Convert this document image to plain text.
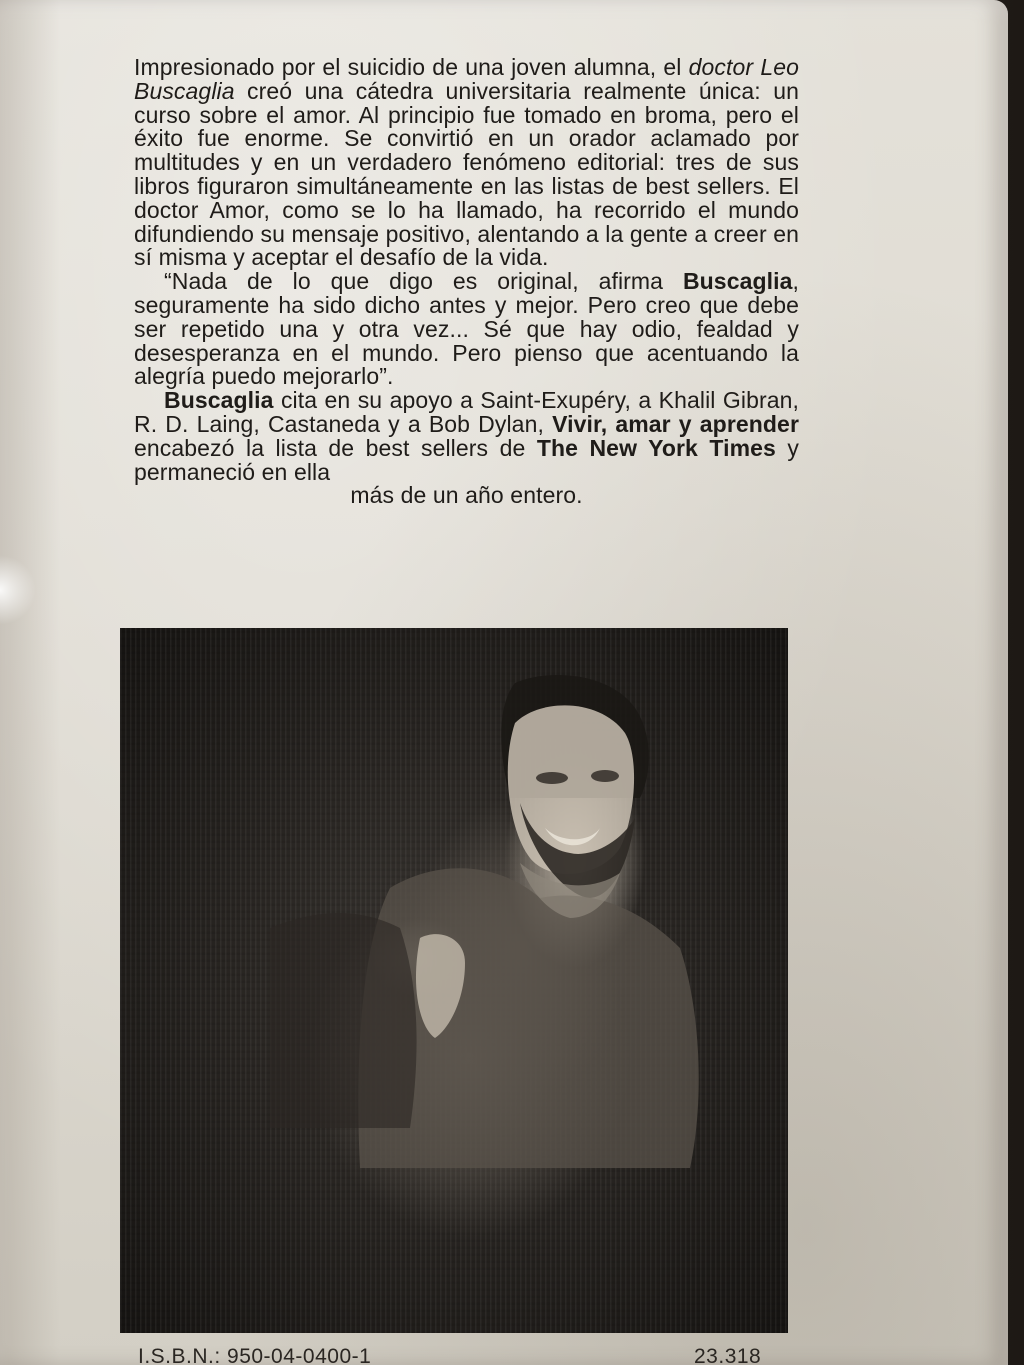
Impresionado por el suicidio de una joven alumna, el doctor Leo Buscaglia creó una cátedra universitaria realmente única: un curso sobre el amor. Al principio fue tomado en broma, pero el éxito fue enorme. Se convirtió en un orador aclamado por multitudes y en un verdadero fenómeno editorial: tres de sus libros figuraron simultáneamente en las listas de best sellers. El doctor Amor, como se lo ha llamado, ha recorrido el mundo difundiendo su mensaje positivo, alentando a la gente a creer en sí misma y aceptar el desafío de la vida.

“Nada de lo que digo es original, afirma Buscaglia, seguramente ha sido dicho antes y mejor. Pero creo que debe ser repetido una y otra vez... Sé que hay odio, fealdad y desesperanza en el mundo. Pero pienso que acentuando la alegría puedo mejorarlo”.

Buscaglia cita en su apoyo a Saint-Exupéry, a Khalil Gibran, R. D. Laing, Castaneda y a Bob Dylan, Vivir, amar y aprender encabezó la lista de best sellers de The New York Times y permaneció en ella

más de un año entero.

I.S.B.N.: 950-04-0400-1	23.318
